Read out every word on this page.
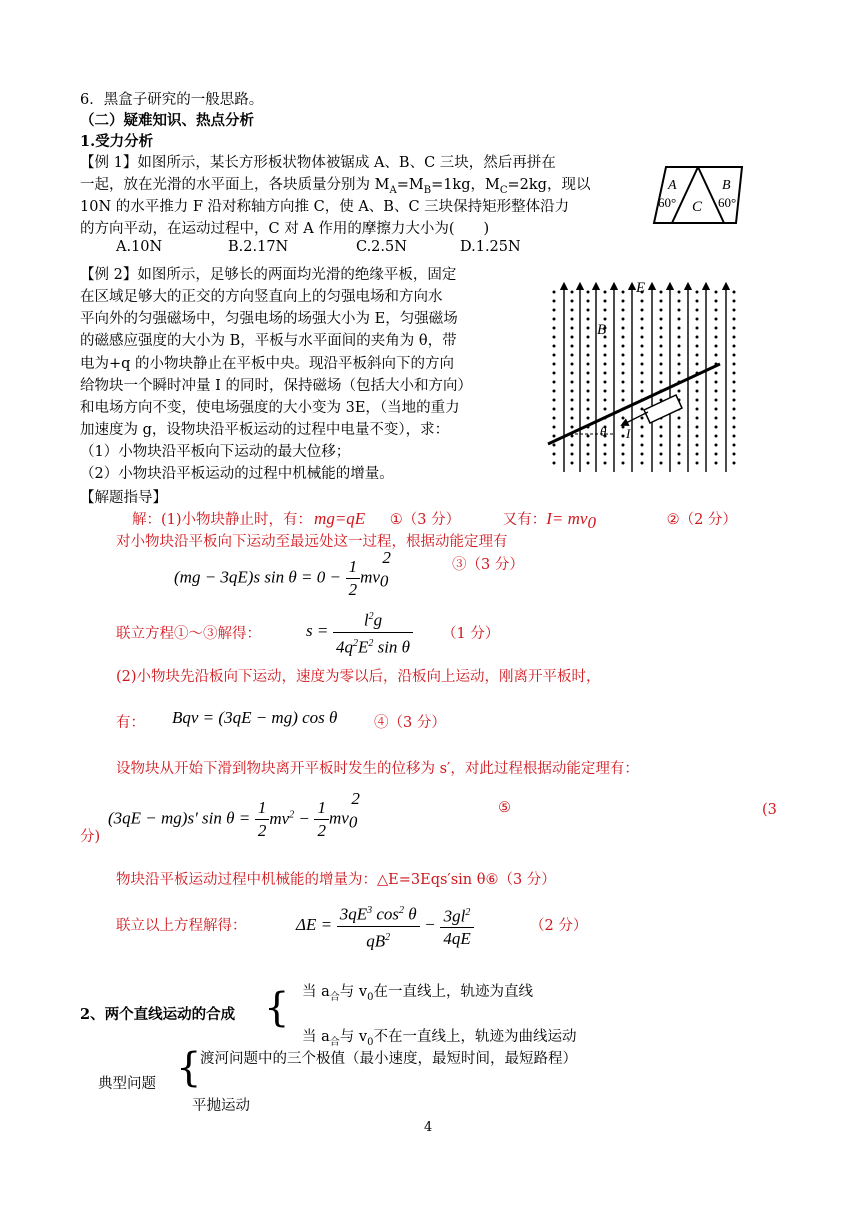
6．黑盒子研究的一般思路。
（二）疑难知识、热点分析
1.受力分析
【例 1】如图所示，某长方形板状物体被锯成 A、B、C 三块，然后再拼在
一起，放在光滑的水平面上，各块质量分别为 $M_A=M_B=1kg$，$M_C=2kg$，现以
10N 的水平推力 F 沿对称轴方向推 C，使 A、B、C 三块保持矩形整体沿力
的方向平动，在运动过程中，C 对 A 作用的摩擦力大小为(　　)
A.10N	B.2.17N	C.2.5N	D.1.25N
A
60° C
B
60°
【例 2】如图所示，足够长的两面均光滑的绝缘平板，固定
在区域足够大的正交的方向竖直向上的匀强电场和方向水
平向外的匀强磁场中，匀强电场的场强大小为 E，匀强磁场
的磁感应强度的大小为 B，平板与水平面间的夹角为 θ，带
电为+q 的小物块静止在平板中央。现沿平板斜向下的方向
给物块一个瞬时冲量 I 的同时，保持磁场（包括大小和方向）
和电场方向不变，使电场强度的大小变为 3E，（当地的重力
加速度为 g，设物块沿平板运动的过程中电量不变），求：
（1）小物块沿平板向下运动的最大位移；
（2）小物块沿平板运动的过程中机械能的增量。
E
B
θ I
【解题指导】
解：(1)小物块静止时，有： mg=qE ①（3 分）	又有：$I= mv_0$	②（2 分）
对小物块沿平板向下运动至最远处这一过程，根据动能定理有
(mg − 3qE)s $\sin \theta = 0 - \frac{1}{2} mv_0^2$	③（3 分）
联立方程①～③解得：	$s = \frac{l^2g}{4q^2E^2 \sin \theta} (1$ 分）
(2)小物块先沿板向下运动，速度为零以后，沿板向上运动，刚离开平板时，
有： Bqv = (3qE − mg) cos θ	④（3 分）
设物块从开始下滑到物块离开平板时发生的位移为 s′，对此过程根据动能定理有：
(3qE − mg)s′ $\sin \theta = \frac{1}{2} mv^2 - \frac{1}{2} mv_0^2$
⑤	(3
分)
物块沿平板运动过程中机械能的增量为：△E=3Eqs′sin θ⑥（3 分）
联立以上方程解得：	$\Delta E = \frac{3qE^3 \cos^2 \theta}{qB^2} - \frac{3gl^2}{4qE}$	（2 分）
当 $a_合$与 $v_0$在一直线上，轨迹为直线
2、两个直线运动的合成 {
当 $a_合$与 $v_0$不在一直线上，轨迹为曲线运动
渡河问题中的三个极值（最小速度，最短时间，最短路程）
典型问题 {
平抛运动
4
